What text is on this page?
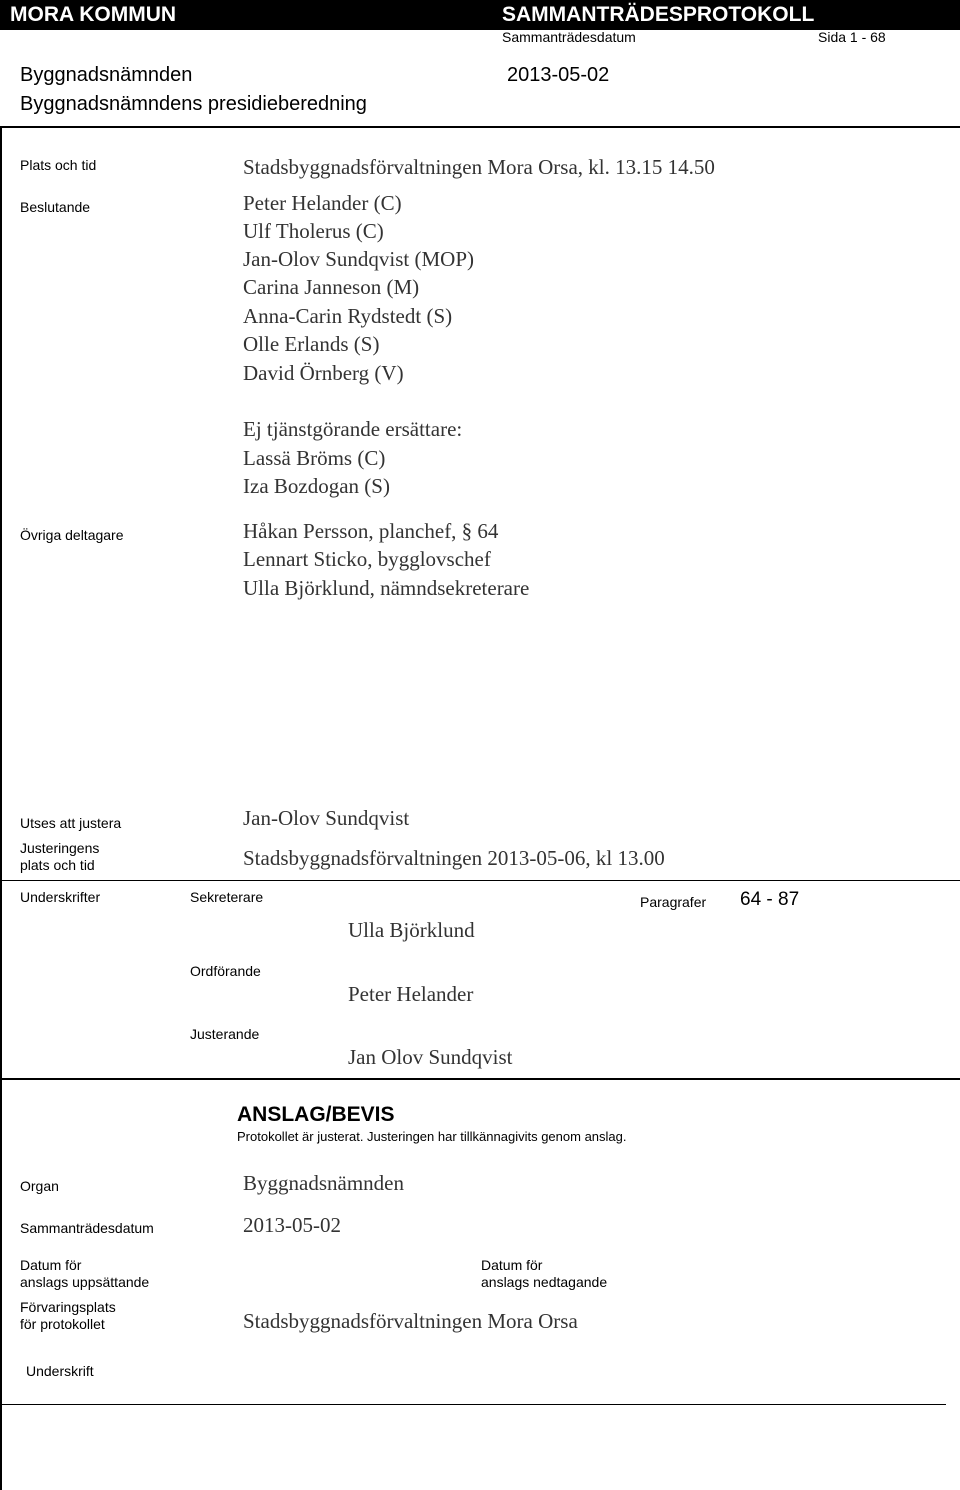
MORA KOMMUN	SAMMANTRÄDESPROTOKOLL
Sammanträdesdatum	Sida 1 - 68
Byggnadsnämnden	2013-05-02
Byggnadsnämndens presidieberedning
Plats och tid	Stadsbyggnadsförvaltningen Mora Orsa, kl. 13.15 14.50
Beslutande	Peter Helander (C)
Ulf Tholerus (C)
Jan-Olov Sundqvist (MOP)
Carina Janneson (M)
Anna-Carin Rydstedt (S)
Olle Erlands (S)
David Örnberg (V)
Ej tjänstgörande ersättare:
Lassä Bröms (C)
Iza Bozdogan (S)
Övriga deltagare	Håkan Persson, planchef, § 64
Lennart Sticko, bygglovschef
Ulla Björklund, nämndsekreterare
Utses att justera	Jan-Olov Sundqvist
Justeringens
plats och tid	Stadsbyggnadsförvaltningen 2013-05-06, kl 13.00
Underskrifter	Sekreterare	Paragrafer 64 - 87
Ulla Björklund
Ordförande
Peter Helander
Justerande
Jan Olov Sundqvist
ANSLAG/BEVIS
Protokollet är justerat. Justeringen har tillkännagivits genom anslag.
Organ	Byggnadsnämnden
Sammanträdesdatum	2013-05-02
Datum för
anslags uppsättande
Datum för
anslags nedtagande
Förvaringsplats
för protokollet	Stadsbyggnadsförvaltningen Mora Orsa
Underskrift
